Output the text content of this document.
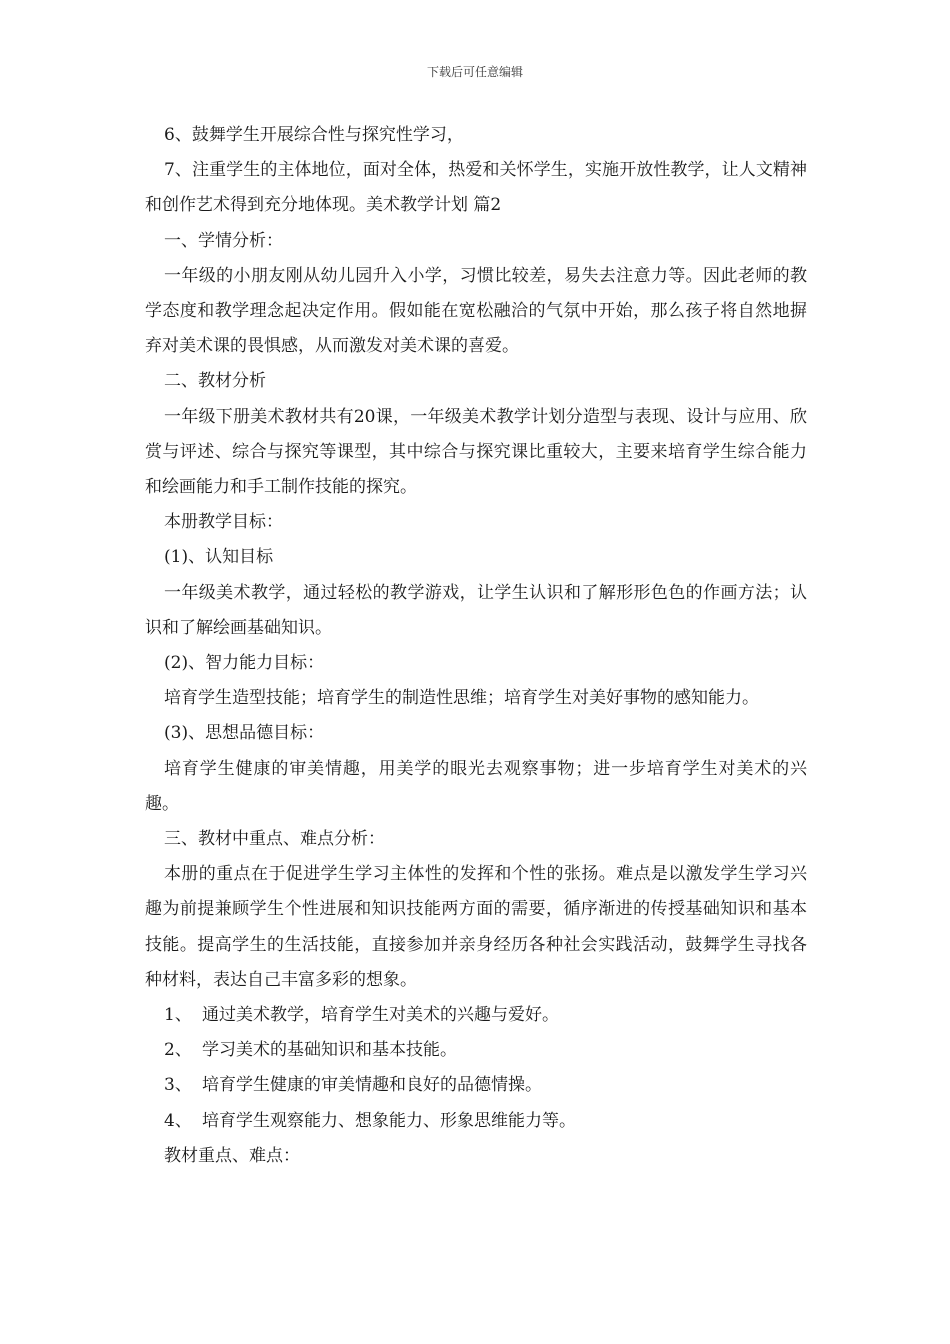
下载后可任意编辑

6、鼓舞学生开展综合性与探究性学习，

7、注重学生的主体地位，面对全体，热爱和关怀学生，实施开放性教学，让人文精神和创作艺术得到充分地体现。美术教学计划 篇2

一、学情分析：

一年级的小朋友刚从幼儿园升入小学，习惯比较差，易失去注意力等。因此老师的教学态度和教学理念起决定作用。假如能在宽松融洽的气氛中开始，那么孩子将自然地摒弃对美术课的畏惧感，从而激发对美术课的喜爱。

二、教材分析

一年级下册美术教材共有20课，一年级美术教学计划分造型与表现、设计与应用、欣赏与评述、综合与探究等课型，其中综合与探究课比重较大，主要来培育学生综合能力和绘画能力和手工制作技能的探究。

本册教学目标：

(1)、认知目标

一年级美术教学，通过轻松的教学游戏，让学生认识和了解形形色色的作画方法；认识和了解绘画基础知识。

(2)、智力能力目标：

培育学生造型技能；培育学生的制造性思维；培育学生对美好事物的感知能力。

(3)、思想品德目标：

培育学生健康的审美情趣，用美学的眼光去观察事物；进一步培育学生对美术的兴趣。

三、教材中重点、难点分析：

本册的重点在于促进学生学习主体性的发挥和个性的张扬。难点是以激发学生学习兴趣为前提兼顾学生个性进展和知识技能两方面的需要，循序渐进的传授基础知识和基本技能。提高学生的生活技能，直接参加并亲身经历各种社会实践活动，鼓舞学生寻找各种材料，表达自己丰富多彩的想象。

1、 通过美术教学，培育学生对美术的兴趣与爱好。
2、 学习美术的基础知识和基本技能。
3、 培育学生健康的审美情趣和良好的品德情操。
4、 培育学生观察能力、想象能力、形象思维能力等。

教材重点、难点：
